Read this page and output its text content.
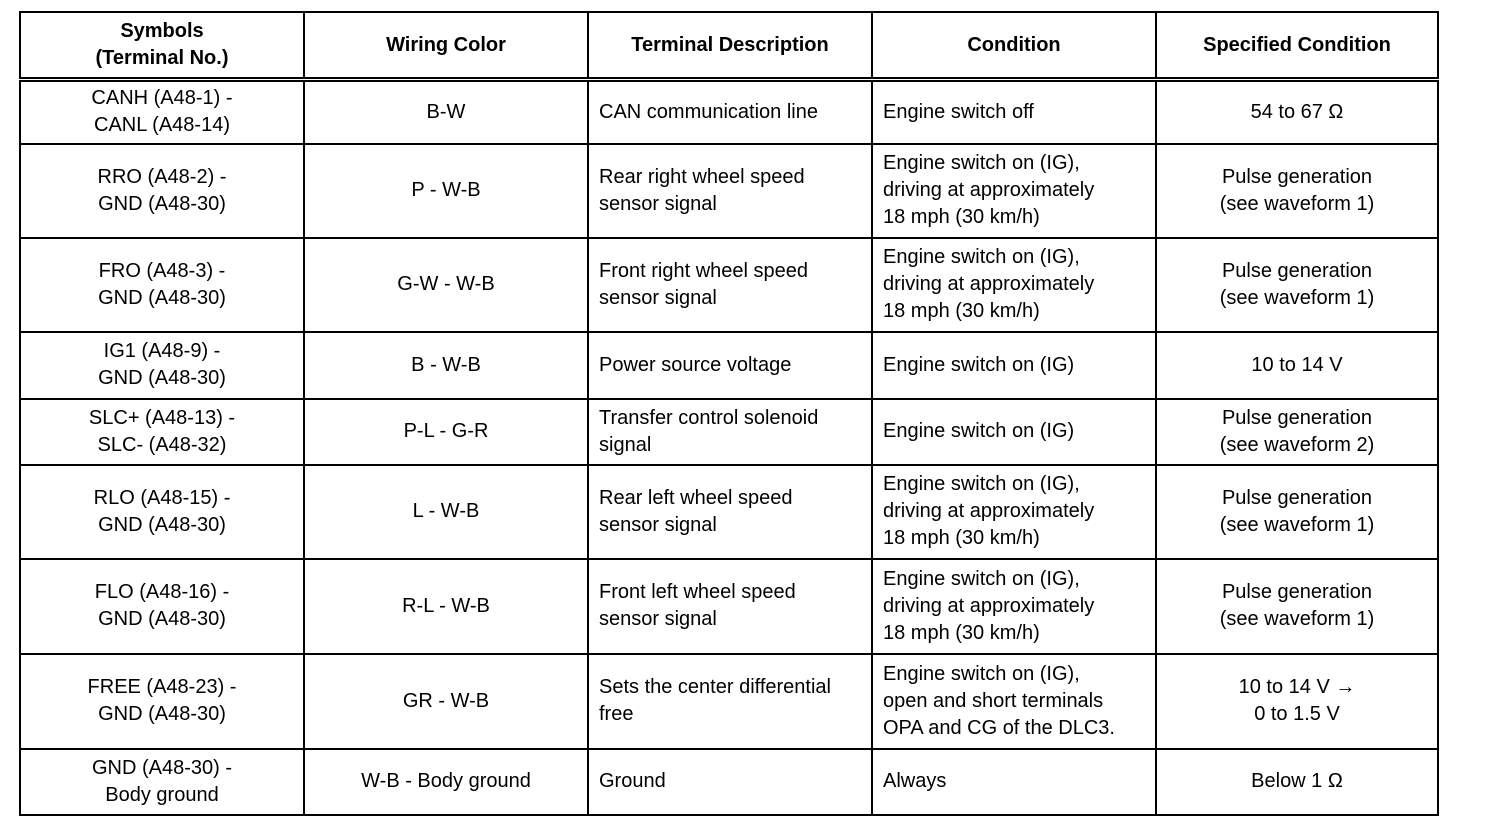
Symbols
(Terminal No.)	Wiring Color	Terminal Description	Condition	Specified Condition
CANH (A48-1) -
CANL (A48-14)	B-W	CAN communication line	Engine switch off	54 to 67 Ω
RRO (A48-2) -
GND (A48-30)	P - W-B	Rear right wheel speed
sensor signal	Engine switch on (IG),
driving at approximately
18 mph (30 km/h)	Pulse generation
(see waveform 1)
FRO (A48-3) -
GND (A48-30)	G-W - W-B	Front right wheel speed
sensor signal	Engine switch on (IG),
driving at approximately
18 mph (30 km/h)	Pulse generation
(see waveform 1)
IG1 (A48-9) -
GND (A48-30)	B - W-B	Power source voltage	Engine switch on (IG)	10 to 14 V
SLC+ (A48-13) -
SLC- (A48-32)	P-L - G-R	Transfer control solenoid
signal	Engine switch on (IG)	Pulse generation
(see waveform 2)
RLO (A48-15) -
GND (A48-30)	L - W-B	Rear left wheel speed
sensor signal	Engine switch on (IG),
driving at approximately
18 mph (30 km/h)	Pulse generation
(see waveform 1)
FLO (A48-16) -
GND (A48-30)	R-L - W-B	Front left wheel speed
sensor signal	Engine switch on (IG),
driving at approximately
18 mph (30 km/h)	Pulse generation
(see waveform 1)
FREE (A48-23) -
GND (A48-30)	GR - W-B	Sets the center differential
free	Engine switch on (IG),
open and short terminals
OPA and CG of the DLC3.	10 to 14 V →
0 to 1.5 V
GND (A48-30) -
Body ground	W-B - Body ground	Ground	Always	Below 1 Ω
